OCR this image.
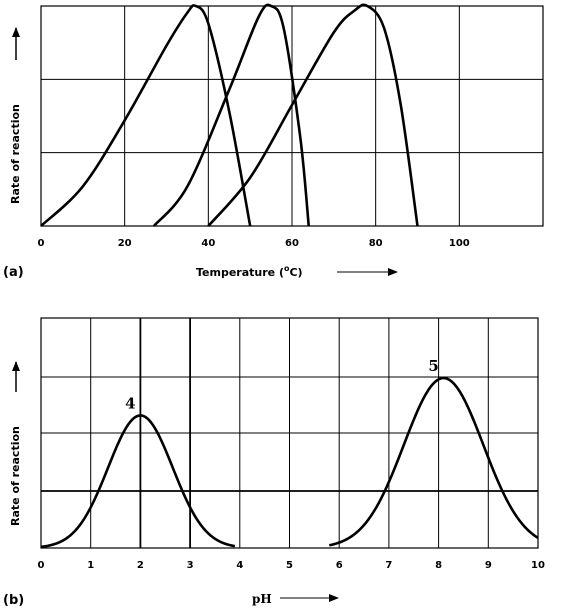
0	20	40	60	80	100
Rate of reaction
(a)	Temperature ($^o$C)
0	1	2	3	4	5	6	7	8	9	10
4
5
Rate of reaction
(b)	pH
